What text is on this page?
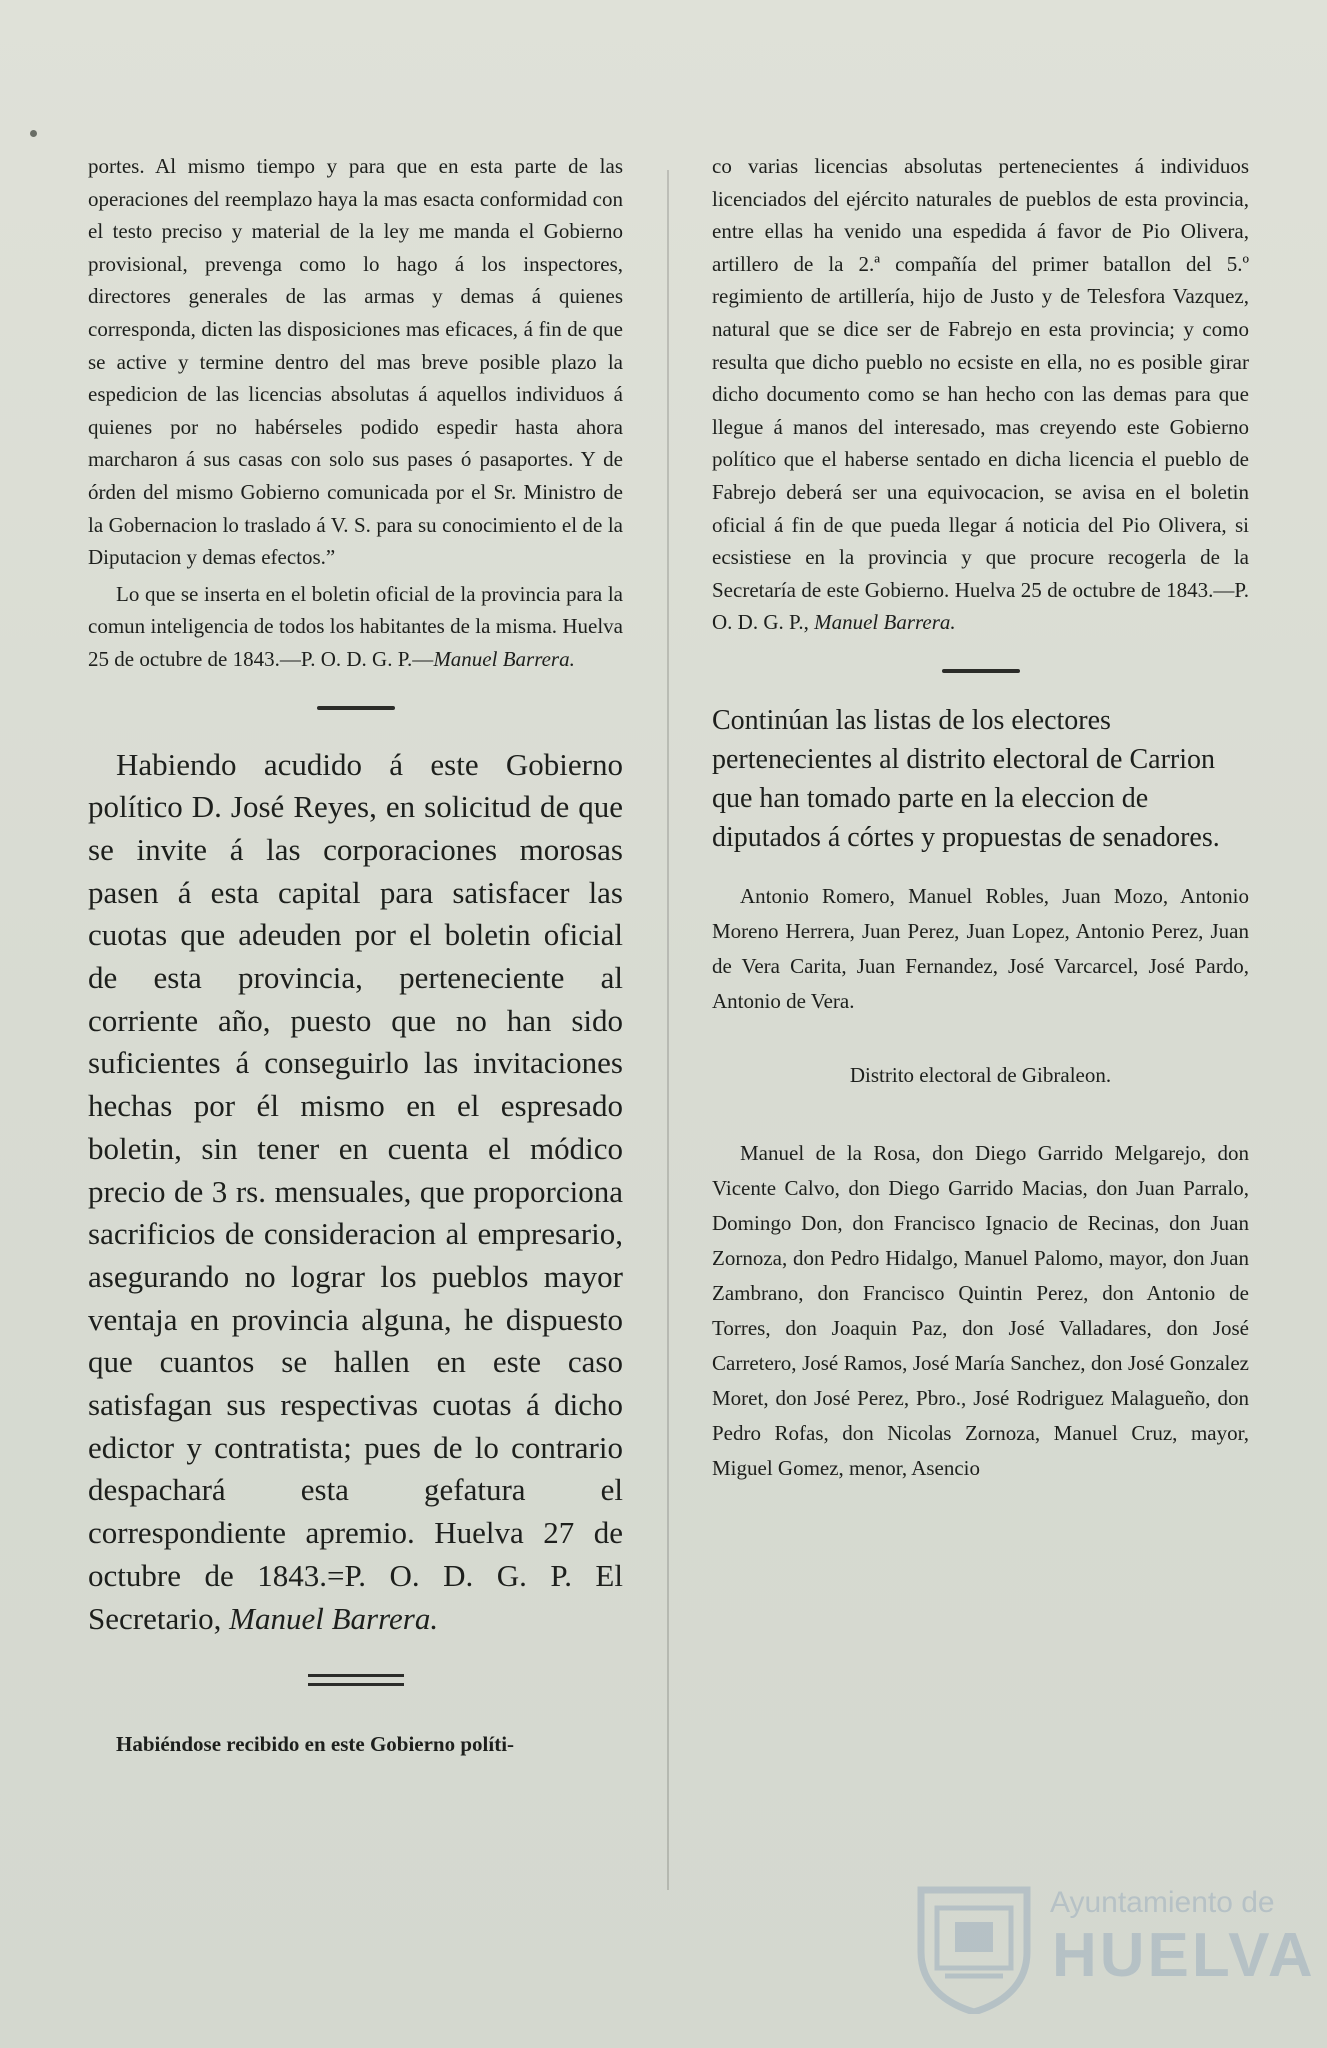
portes. Al mismo tiempo y para que en esta parte de las operaciones del reemplazo haya la mas esacta conformidad con el testo preciso y material de la ley me manda el Gobierno provisional, prevenga como lo hago á los inspectores, directores generales de las armas y demas á quienes corresponda, dicten las disposiciones mas eficaces, á fin de que se active y termine dentro del mas breve posible plazo la espedicion de las licencias absolutas á aquellos individuos á quienes por no habérseles podido espedir hasta ahora marcharon á sus casas con solo sus pases ó pasaportes. Y de órden del mismo Gobierno comunicada por el Sr. Ministro de la Gobernacion lo traslado á V. S. para su conocimiento el de la Diputacion y demas efectos.”

Lo que se inserta en el boletin oficial de la provincia para la comun inteligencia de todos los habitantes de la misma. Huelva 25 de octubre de 1843.—P. O. D. G. P.—Manuel Barrera.

Habiendo acudido á este Gobierno político D. José Reyes, en solicitud de que se invite á las corporaciones morosas pasen á esta capital para satisfacer las cuotas que adeuden por el boletin oficial de esta provincia, perteneciente al corriente año, puesto que no han sido suficientes á conseguirlo las invitaciones hechas por él mismo en el espresado boletin, sin tener en cuenta el módico precio de 3 rs. mensuales, que proporciona sacrificios de consideracion al empresario, asegurando no lograr los pueblos mayor ventaja en provincia alguna, he dispuesto que cuantos se hallen en este caso satisfagan sus respectivas cuotas á dicho edictor y contratista; pues de lo contrario despachará esta gefatura el correspondiente apremio. Huelva 27 de octubre de 1843.=P. O. D. G. P. El Secretario, Manuel Barrera.

Habiéndose recibido en este Gobierno políti-

co varias licencias absolutas pertenecientes á individuos licenciados del ejército naturales de pueblos de esta provincia, entre ellas ha venido una espedida á favor de Pio Olivera, artillero de la 2.ª compañía del primer batallon del 5.º regimiento de artillería, hijo de Justo y de Telesfora Vazquez, natural que se dice ser de Fabrejo en esta provincia; y como resulta que dicho pueblo no ecsiste en ella, no es posible girar dicho documento como se han hecho con las demas para que llegue á manos del interesado, mas creyendo este Gobierno político que el haberse sentado en dicha licencia el pueblo de Fabrejo deberá ser una equivocacion, se avisa en el boletin oficial á fin de que pueda llegar á noticia del Pio Olivera, si ecsistiese en la provincia y que procure recogerla de la Secretaría de este Gobierno. Huelva 25 de octubre de 1843.—P. O. D. G. P., Manuel Barrera.

Continúan las listas de los electores pertenecientes al distrito electoral de Carrion que han tomado parte en la eleccion de diputados á córtes y propuestas de senadores.

Antonio Romero, Manuel Robles, Juan Mozo, Antonio Moreno Herrera, Juan Perez, Juan Lopez, Antonio Perez, Juan de Vera Carita, Juan Fernandez, José Varcarcel, José Pardo, Antonio de Vera.

Distrito electoral de Gibraleon.

Manuel de la Rosa, don Diego Garrido Melgarejo, don Vicente Calvo, don Diego Garrido Macias, don Juan Parralo, Domingo Don, don Francisco Ignacio de Recinas, don Juan Zornoza, don Pedro Hidalgo, Manuel Palomo, mayor, don Juan Zambrano, don Francisco Quintin Perez, don Antonio de Torres, don Joaquin Paz, don José Valladares, don José Carretero, José Ramos, José María Sanchez, don José Gonzalez Moret, don José Perez, Pbro., José Rodriguez Malagueño, don Pedro Rofas, don Nicolas Zornoza, Manuel Cruz, mayor, Miguel Gomez, menor, Asencio

Ayuntamiento de
HUELVA
